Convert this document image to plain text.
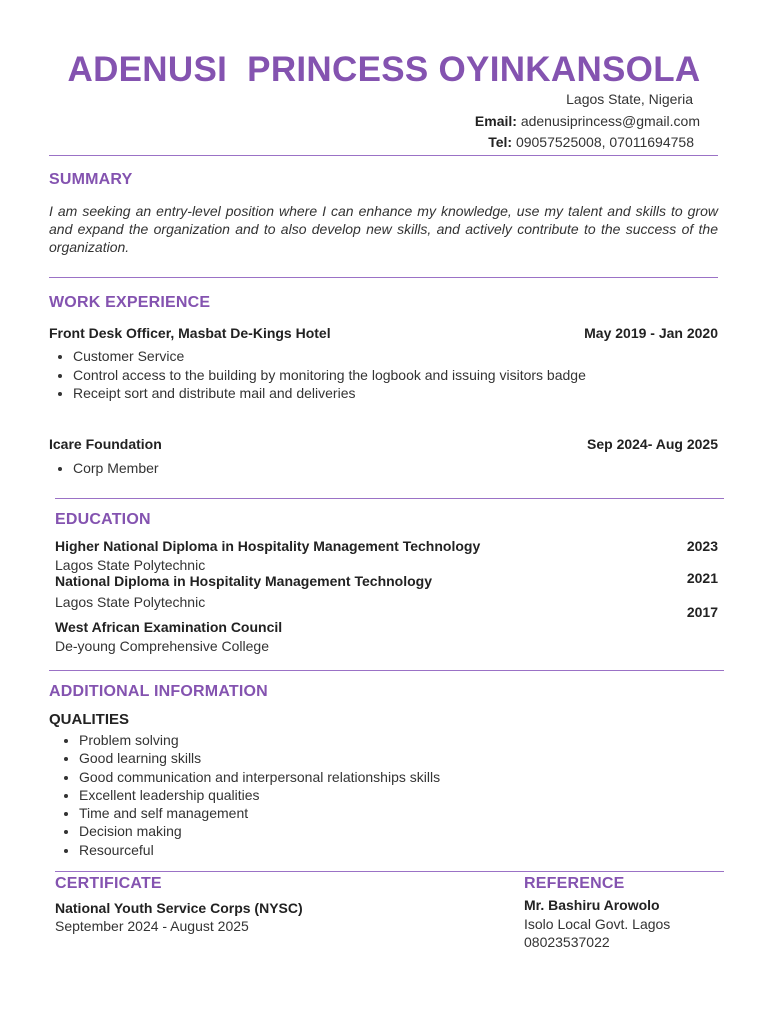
ADENUSI  PRINCESS OYINKANSOLA
Lagos State, Nigeria
Email: adenusiprincess@gmail.com
Tel: 09057525008, 07011694758
SUMMARY
I am seeking an entry-level position where I can enhance my knowledge, use my talent and skills to grow and expand the organization and to also develop new skills, and actively contribute to the success of the organization.
WORK EXPERIENCE
Front Desk Officer, Masbat De-Kings Hotel	May 2019 - Jan 2020
• Customer Service
• Control access to the building by monitoring the logbook and issuing visitors badge
• Receipt sort and distribute mail and deliveries
Icare Foundation	Sep 2024- Aug 2025
• Corp Member
EDUCATION
Higher National Diploma in Hospitality Management Technology
Lagos State Polytechnic
2023
National Diploma in Hospitality Management Technology
Lagos State Polytechnic
2021
West African Examination Council
De-young Comprehensive College
2017
ADDITIONAL INFORMATION
QUALITIES
• Problem solving
• Good learning skills
• Good communication and interpersonal relationships skills
• Excellent leadership qualities
• Time and self management
• Decision making
• Resourceful
CERTIFICATE
National Youth Service Corps (NYSC)
September 2024 - August 2025
REFERENCE
Mr. Bashiru Arowolo
Isolo Local Govt. Lagos
08023537022
